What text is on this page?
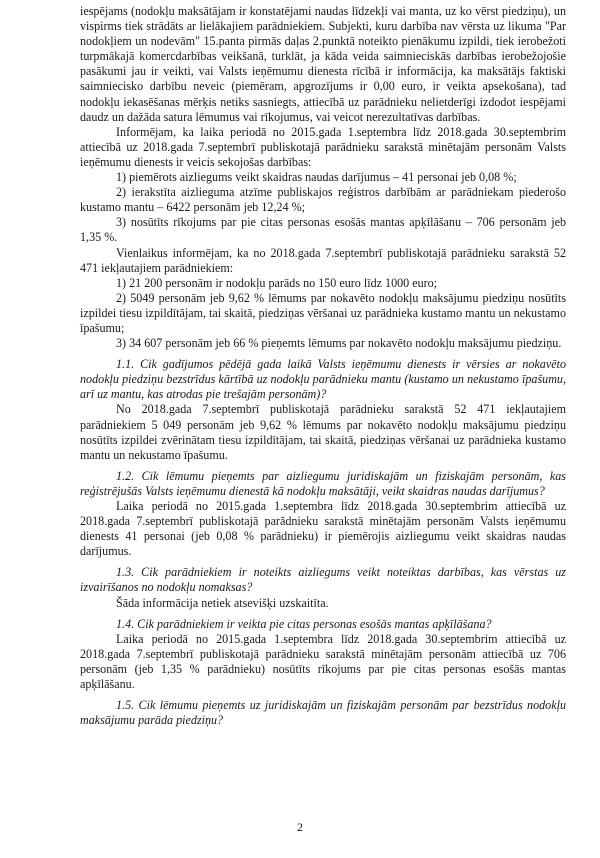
iespējams (nodokļu maksātājam ir konstatējami naudas līdzekļi vai manta, uz ko vērst piedziņu), un vispirms tiek strādāts ar lielākajiem parādniekiem. Subjekti, kuru darbība nav vērsta uz likuma "Par nodokļiem un nodevām" 15.panta pirmās daļas 2.punktā noteikto pienākumu izpildi, tiek ierobežoti turpmākajā komercdarbības veikšanā, turklāt, ja kāda veida saimnieciskās darbības ierobežojošie pasākumi jau ir veikti, vai Valsts ieņēmumu dienesta rīcībā ir informācija, ka maksātājs faktiski saimniecisko darbību neveic (piemēram, apgrozījums ir 0,00 euro, ir veikta apsekošana), tad nodokļu iekasēšanas mērķis netiks sasniegts, attiecībā uz parādnieku nelietderīgi izdodot iespējami daudz un dažāda satura lēmumus vai rīkojumus, vai veicot nerezultatīvas darbības.

Informējam, ka laika periodā no 2015.gada 1.septembra līdz 2018.gada 30.septembrim attiecībā uz 2018.gada 7.septembrī publiskotajā parādnieku sarakstā minētajām personām Valsts ieņēmumu dienests ir veicis sekojošas darbības:

1) piemērots aizliegums veikt skaidras naudas darījumus – 41 personai jeb 0,08 %;

2) ierakstīta aizlieguma atzīme publiskajos reģistros darbībām ar parādniekam piederošo kustamo mantu – 6422 personām jeb 12,24 %;

3) nosūtīts rīkojums par pie citas personas esošās mantas apķīlāšanu – 706 personām jeb 1,35 %.

Vienlaikus informējam, ka no 2018.gada 7.septembrī publiskotajā parādnieku sarakstā 52 471 iekļautajiem parādniekiem:

1) 21 200 personām ir nodokļu parāds no 150 euro līdz 1000 euro;

2) 5049 personām jeb 9,62 % lēmums par nokavēto nodokļu maksājumu piedziņu nosūtīts izpildei tiesu izpildītājam, tai skaitā, piedziņas vēršanai uz parādnieka kustamo mantu un nekustamo īpašumu;

3) 34 607 personām jeb 66 % pieņemts lēmums par nokavēto nodokļu maksājumu piedziņu.

1.1. Cik gadījumos pēdējā gada laikā Valsts ieņēmumu dienests ir vērsies ar nokavēto nodokļu piedziņu bezstrīdus kārtībā uz nodokļu parādnieku mantu (kustamo un nekustamo īpašumu, arī uz mantu, kas atrodas pie trešajām personām)?

No 2018.gada 7.septembrī publiskotajā parādnieku sarakstā 52 471 iekļautajiem parādniekiem 5 049 personām jeb 9,62 % lēmums par nokavēto nodokļu maksājumu piedziņu nosūtīts izpildei zvērinātam tiesu izpildītājam, tai skaitā, piedziņas vēršanai uz parādnieka kustamo mantu un nekustamo īpašumu.

1.2. Cik lēmumu pieņemts par aizliegumu juridiskajām un fiziskajām personām, kas reģistrējušās Valsts ieņēmumu dienestā kā nodokļu maksātāji, veikt skaidras naudas darījumus?

Laika periodā no 2015.gada 1.septembra līdz 2018.gada 30.septembrim attiecībā uz 2018.gada 7.septembrī publiskotajā parādnieku sarakstā minētajām personām Valsts ieņēmumu dienests 41 personai (jeb 0,08 % parādnieku) ir piemērojis aizliegumu veikt skaidras naudas darījumus.

1.3. Cik parādniekiem ir noteikts aizliegums veikt noteiktas darbības, kas vērstas uz izvairīšanos no nodokļu nomaksas?

Šāda informācija netiek atsevišķi uzskaitīta.

1.4. Cik parādniekiem ir veikta pie citas personas esošās mantas apķīlāšana?

Laika periodā no 2015.gada 1.septembra līdz 2018.gada 30.septembrim attiecībā uz 2018.gada 7.septembrī publiskotajā parādnieku sarakstā minētajām personām attiecībā uz 706 personām (jeb 1,35 % parādnieku) nosūtīts rīkojums par pie citas personas esošās mantas apķīlāšanu.

1.5. Cik lēmumu pieņemts uz juridiskajām un fiziskajām personām par bezstrīdus nodokļu maksājumu parāda piedziņu?

2
